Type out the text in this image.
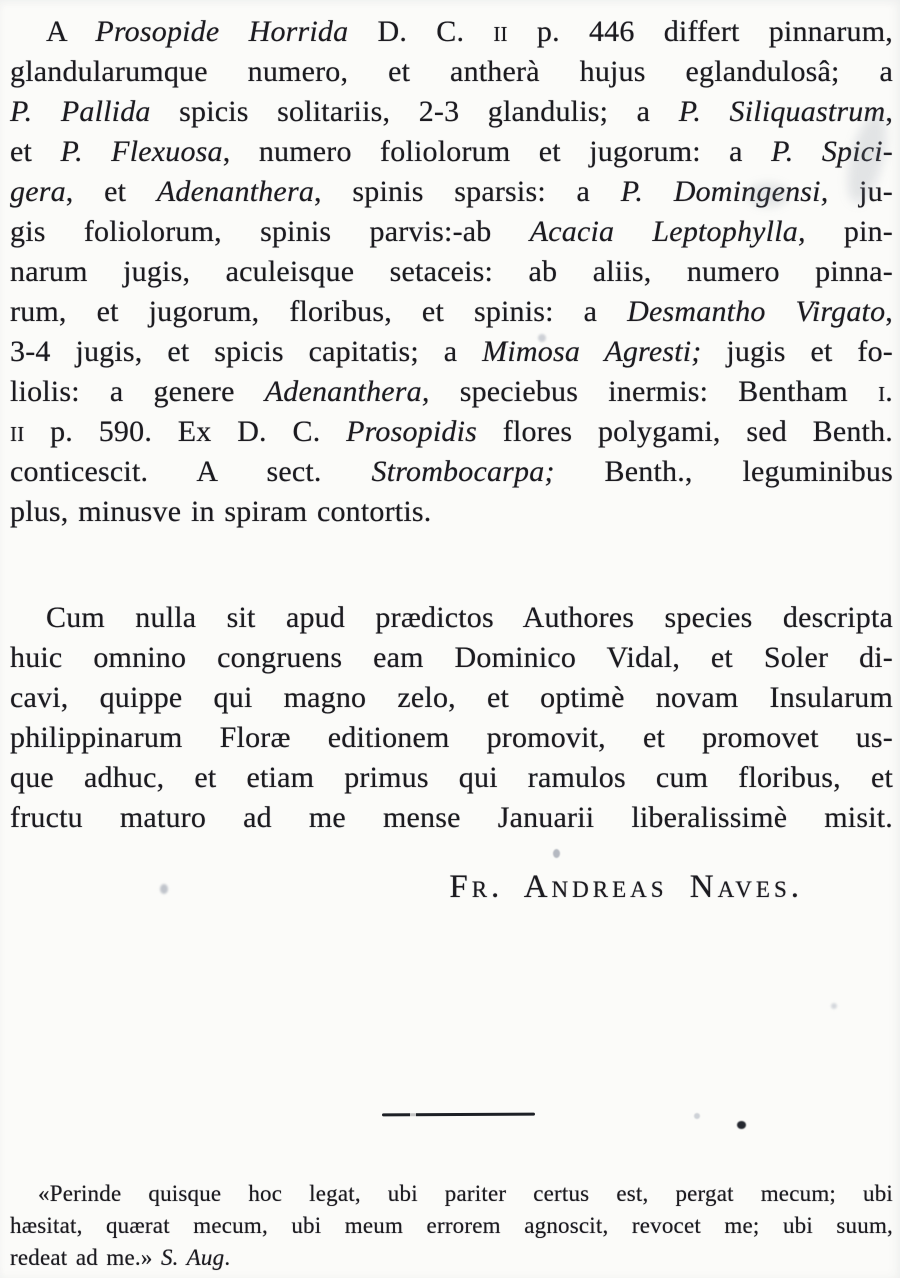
A Prosopide Horrida D. C. ii p. 446 differt pinnarum,
glandularumque numero, et antherà hujus eglandulosâ; a
P. Pallida spicis solitariis, 2-3 glandulis; a P. Siliquastrum,
et P. Flexuosa, numero foliolorum et jugorum: a P. Spici-
gera, et Adenanthera, spinis sparsis: a P. Domingensi, ju-
gis foliolorum, spinis parvis:-ab Acacia Leptophylla, pin-
narum jugis, aculeisque setaceis: ab aliis, numero pinna-
rum, et jugorum, floribus, et spinis: a Desmantho Virgato,
3-4 jugis, et spicis capitatis; a Mimosa Agresti; jugis et fo-
liolis: a genere Adenanthera, speciebus inermis: Bentham i.
ii p. 590. Ex D. C. Prosopidis flores polygami, sed Benth.
conticescit. A sect. Strombocarpa; Benth., leguminibus
plus, minusve in spiram contortis.
Cum nulla sit apud prædictos Authores species descripta
huic omnino congruens eam Dominico Vidal, et Soler di-
cavi, quippe qui magno zelo, et optimè novam Insularum
philippinarum Floræ editionem promovit, et promovet us-
que adhuc, et etiam primus qui ramulos cum floribus, et
fructu maturo ad me mense Januarii liberalissimè misit.
Fr. Andreas Naves.
«Perinde quisque hoc legat, ubi pariter certus est, pergat mecum; ubi
hæsitat, quærat mecum, ubi meum errorem agnoscit, revocet me; ubi suum,
redeat ad me.» S. Aug.
